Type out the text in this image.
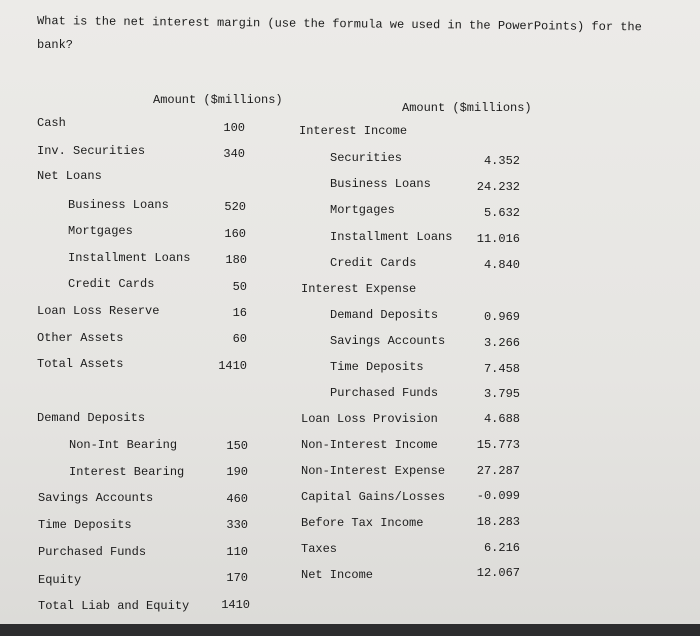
What is the net interest margin (use the formula we used in the PowerPoints) for the
bank?
Amount ($millions)
Cash	100
Inv. Securities	340
Net Loans
Business Loans	520
Mortgages	160
Installment Loans	180
Credit Cards	50
Loan Loss Reserve	16
Other Assets	60
Total Assets	1410
Demand Deposits
Non-Int Bearing	150
Interest Bearing	190
Savings Accounts	460
Time Deposits	330
Purchased Funds	110
Equity	170
Total Liab and Equity	1410
Amount ($millions)
Interest Income
Securities	4.352
Business Loans	24.232
Mortgages	5.632
Installment Loans	11.016
Credit Cards	4.840
Interest Expense
Demand Deposits	0.969
Savings Accounts	3.266
Time Deposits	7.458
Purchased Funds	3.795
Loan Loss Provision	4.688
Non-Interest Income	15.773
Non-Interest Expense	27.287
Capital Gains/Losses	-0.099
Before Tax Income	18.283
Taxes	6.216
Net Income	12.067
